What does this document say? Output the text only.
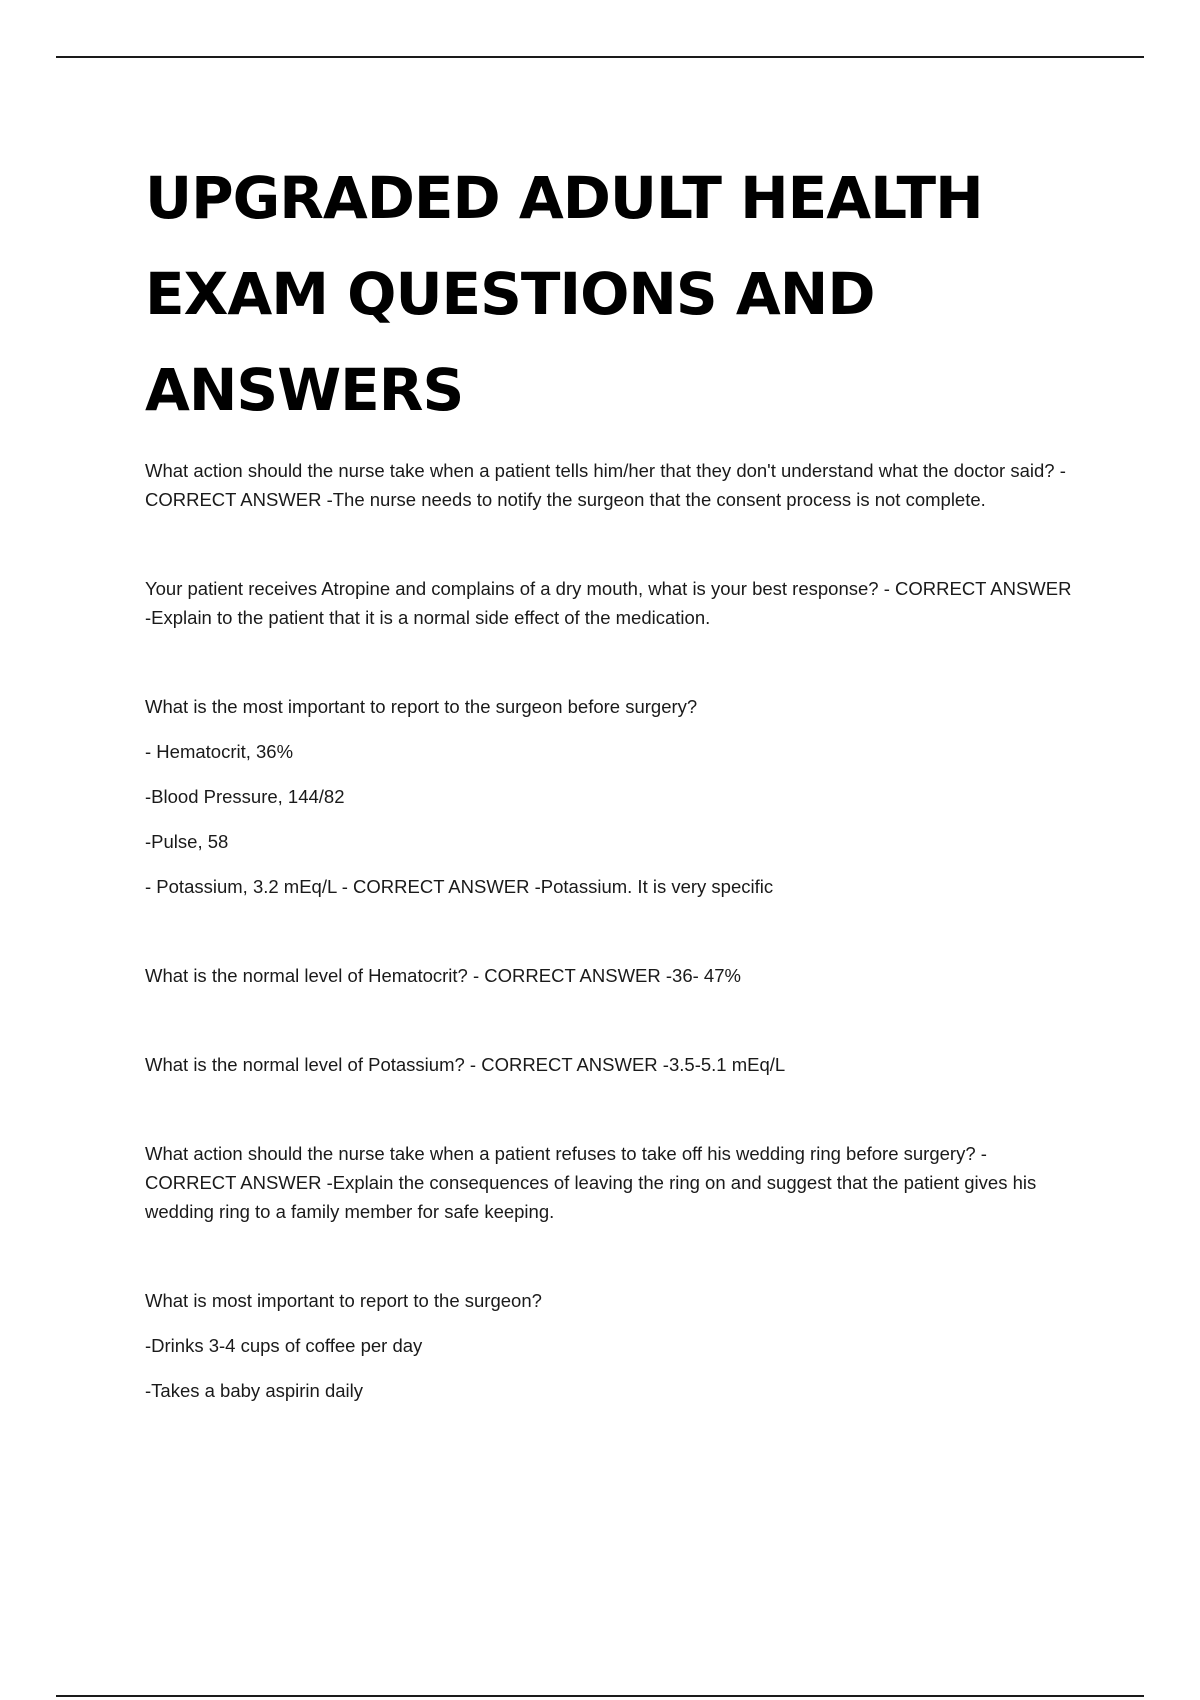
UPGRADED ADULT HEALTH EXAM QUESTIONS AND ANSWERS

What action should the nurse take when a patient tells him/her that they don't understand what the doctor said? - CORRECT ANSWER -The nurse needs to notify the surgeon that the consent process is not complete.

Your patient receives Atropine and complains of a dry mouth, what is your best response? - CORRECT ANSWER -Explain to the patient that it is a normal side effect of the medication.

What is the most important to report to the surgeon before surgery?

- Hematocrit, 36%

-Blood Pressure, 144/82

-Pulse, 58

- Potassium, 3.2 mEq/L - CORRECT ANSWER -Potassium. It is very specific

What is the normal level of Hematocrit? - CORRECT ANSWER -36- 47%

What is the normal level of Potassium? - CORRECT ANSWER -3.5-5.1 mEq/L

What action should the nurse take when a patient refuses to take off his wedding ring before surgery? - CORRECT ANSWER -Explain the consequences of leaving the ring on and suggest that the patient gives his wedding ring to a family member for safe keeping.

What is most important to report to the surgeon?

-Drinks 3-4 cups of coffee per day

-Takes a baby aspirin daily
